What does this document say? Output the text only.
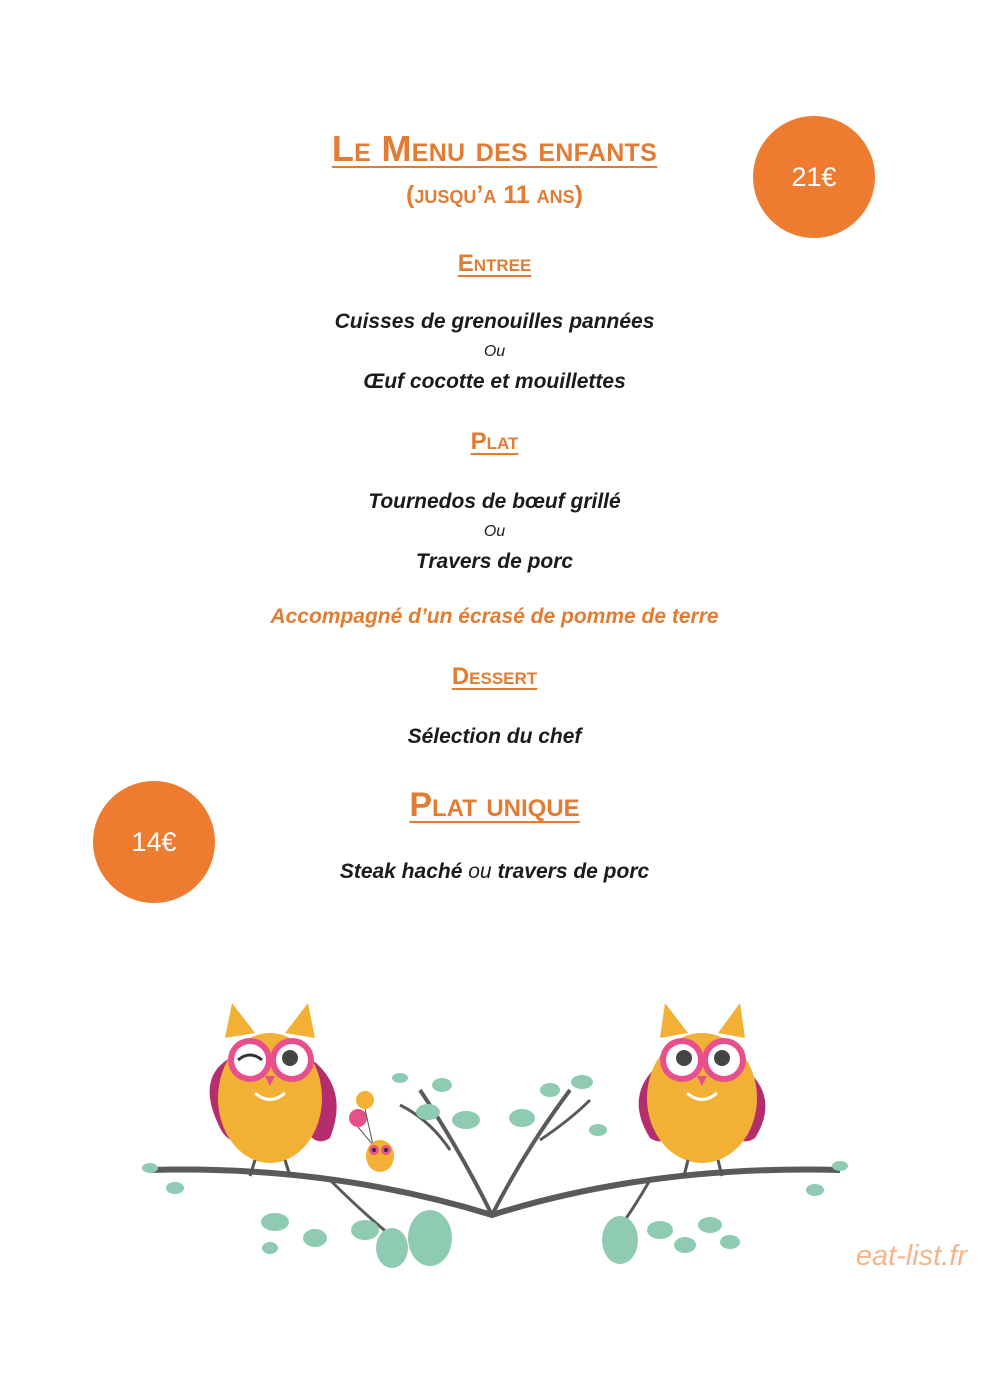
Le Menu des enfants
(jusqu’a 11 ans)
21€
Entree
Cuisses de grenouilles pannées
Ou
Œuf cocotte et mouillettes
Plat
Tournedos de bœuf grillé
Ou
Travers de porc
Accompagné d’un écrasé de pomme de terre
Dessert
Sélection du chef
Plat unique
14€
Steak haché ou travers de porc
eat-list.fr
